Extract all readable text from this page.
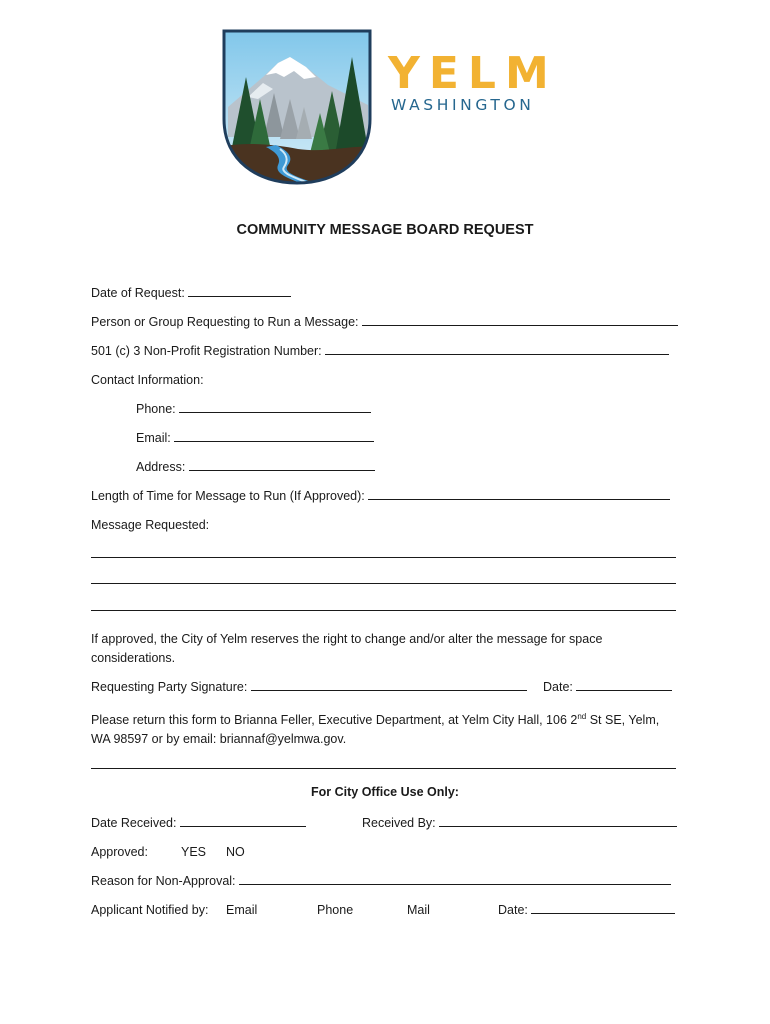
YELM
WASHINGTON
COMMUNITY MESSAGE BOARD REQUEST
Date of Request:
Person or Group Requesting to Run a Message:
501 (c) 3 Non-Profit Registration Number:
Contact Information:
Phone:
Email:
Address:
Length of Time for Message to Run (If Approved):
Message Requested:
If approved, the City of Yelm reserves the right to change and/or alter the message for space considerations.
Requesting Party Signature:	Date:
Please return this form to Brianna Feller, Executive Department, at Yelm City Hall, 106 2nd St SE, Yelm,
WA 98597 or by email: briannaf@yelmwa.gov.
For City Office Use Only:
Date Received:	Received By:
Approved:	YES NO
Reason for Non-Approval:
Applicant Notified by: Email	Phone	Mail	Date:
